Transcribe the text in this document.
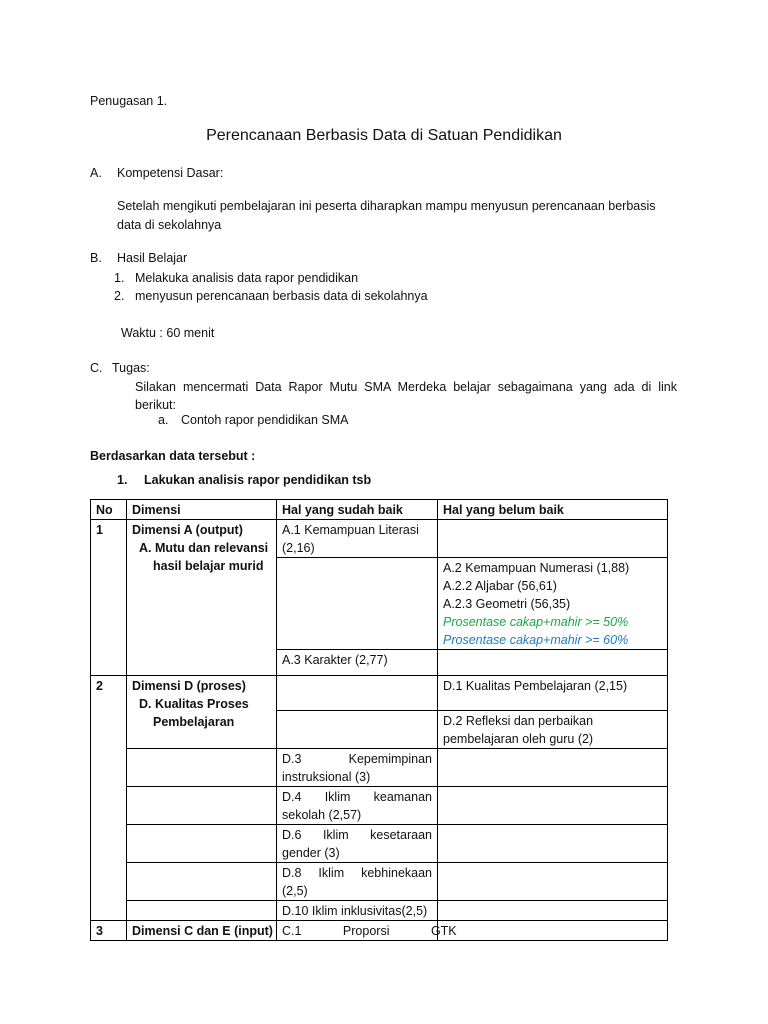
Penugasan 1.
Perencanaan Berbasis Data di Satuan Pendidikan
A. Kompetensi Dasar:
Setelah mengikuti pembelajaran ini peserta diharapkan mampu menyusun perencanaan berbasis
data di sekolahnya
B. Hasil Belajar
1. Melakuka analisis data rapor pendidikan
2. menyusun perencanaan berbasis data di sekolahnya
Waktu : 60 menit
C. Tugas:
Silakan mencermati Data Rapor Mutu SMA Merdeka belajar sebagaimana yang ada di link berikut:
a. Contoh rapor pendidikan SMA
Berdasarkan data tersebut :
1. Lakukan analisis rapor pendidikan tsb
No	Dimensi	Hal yang sudah baik	Hal yang belum baik
1	Dimensi A (output)
A. Mutu dan relevansi
hasil belajar murid	A.1 Kemampuan Literasi (2,16)	

			A.2 Kemampuan Numerasi (1,88)
A.2.2 Aljabar (56,61)
A.2.3 Geometri (56,35)
Prosentase cakap+mahir >= 50%
Prosentase cakap+mahir >= 60%

		A.3 Karakter (2,77)	
2	Dimensi D (proses)
D. Kualitas Proses
Pembelajaran		D.1 Kualitas Pembelajaran (2,15)
			D.2 Refleksi dan perbaikan pembelajaran oleh guru (2)
		D.3 Kepemimpinan instruksional (3)	
		D.4 Iklim keamanan sekolah (2,57)	
		D.6 Iklim kesetaraan gender (3)	
		D.8 Iklim kebhinekaan (2,5)	
		D.10 Iklim inklusivitas(2,5)	
3	Dimensi C dan E (input)	C.1 Proporsi GTK	
